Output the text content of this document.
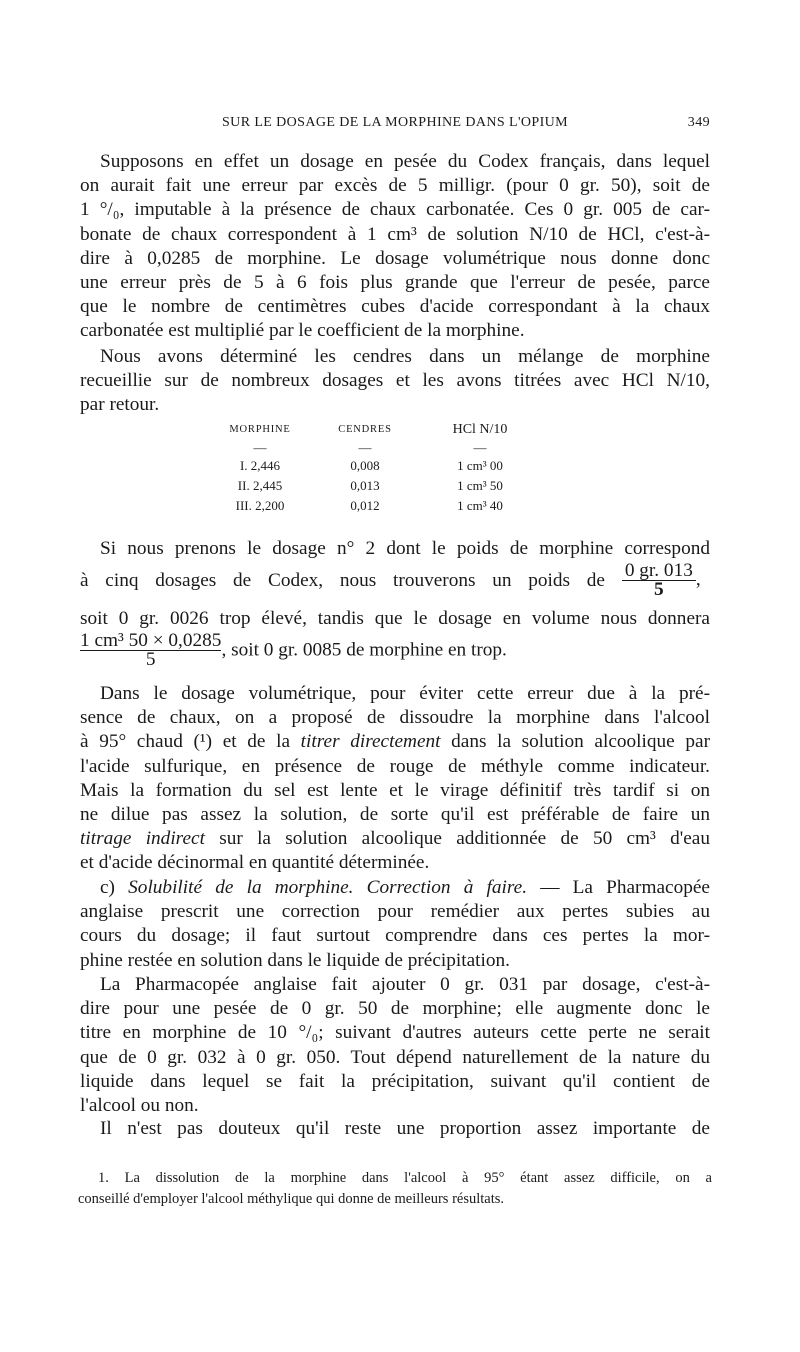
SUR LE DOSAGE DE LA MORPHINE DANS L'OPIUM	349
Supposons en effet un dosage en pesée du Codex français, dans lequel
on aurait fait une erreur par excès de 5 milligr. (pour 0 gr. 50), soit de
1 °/₀, imputable à la présence de chaux carbonatée. Ces 0 gr. 005 de car-
bonate de chaux correspondent à 1 cm³ de solution N/10 de HCl, c'est-à-
dire à 0,0285 de morphine. Le dosage volumétrique nous donne donc
une erreur près de 5 à 6 fois plus grande que l'erreur de pesée, parce
que le nombre de centimètres cubes d'acide correspondant à la chaux
carbonatée est multiplié par le coefficient de la morphine.
Nous avons déterminé les cendres dans un mélange de morphine
recueillie sur de nombreux dosages et les avons titrées avec HCl N/10,
par retour.
MORPHINE	CENDRES	HCl N/10
—	—	—
I. 2,446	0,008	1 cm³ 00
II. 2,445	0,013	1 cm³ 50
III. 2,200	0,012	1 cm³ 40
Si nous prenons le dosage n° 2 dont le poids de morphine correspond
à cinq dosages de Codex, nous trouverons un poids de $\frac{0 gr. 013}{5}$ ,
soit 0 gr. 0026 trop élevé, tandis que le dosage en volume nous donnera
$\frac{\text{1 cm³ 50 × 0,0285}}{5}$ , soit 0 gr. 0085 de morphine en trop.
Dans le dosage volumétrique, pour éviter cette erreur due à la pré-
sence de chaux, on a proposé de dissoudre la morphine dans l'alcool
à 95° chaud (¹) et de la titrer directement dans la solution alcoolique par
l'acide sulfurique, en présence de rouge de méthyle comme indicateur.
Mais la formation du sel est lente et le virage définitif très tardif si on
ne dilue pas assez la solution, de sorte qu'il est préférable de faire un
titrage indirect sur la solution alcoolique additionnée de 50 cm³ d'eau
et d'acide décinormal en quantité déterminée.
c) Solubilité de la morphine. Correction à faire. — La Pharmacopée
anglaise prescrit une correction pour remédier aux pertes subies au
cours du dosage; il faut surtout comprendre dans ces pertes la mor-
phine restée en solution dans le liquide de précipitation.
La Pharmacopée anglaise fait ajouter 0 gr. 031 par dosage, c'est-à-
dire pour une pesée de 0 gr. 50 de morphine; elle augmente donc le
titre en morphine de 10 °/₀; suivant d'autres auteurs cette perte ne serait
que de 0 gr. 032 à 0 gr. 050. Tout dépend naturellement de la nature du
liquide dans lequel se fait la précipitation, suivant qu'il contient de
l'alcool ou non.
Il n'est pas douteux qu'il reste une proportion assez importante de
1. La dissolution de la morphine dans l'alcool à 95° étant assez difficile, on a
conseillé d'employer l'alcool méthylique qui donne de meilleurs résultats.
